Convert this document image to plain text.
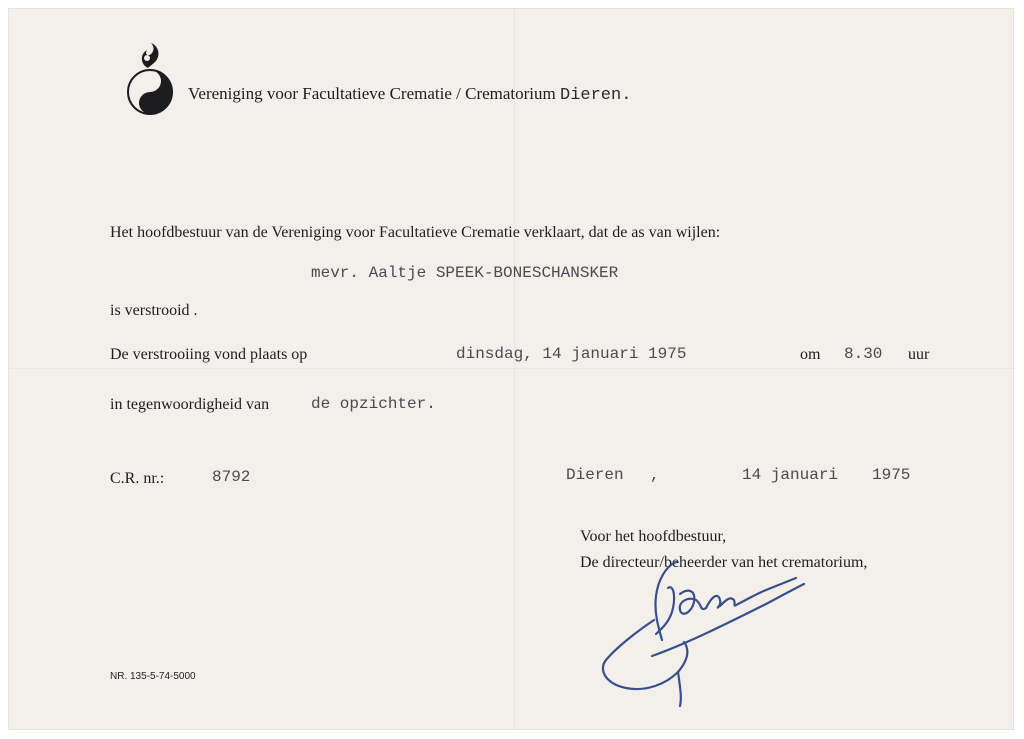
Vereniging voor Facultatieve Crematie / Crematorium Dieren.
Het hoofdbestuur van de Vereniging voor Facultatieve Crematie verklaart, dat de as van wijlen:
mevr. Aaltje SPEEK-BONESCHANSKER
is verstrooid .
De verstrooiing vond plaats op	dinsdag, 14 januari 1975	om 8.30 uur
in tegenwoordigheid van	de opzichter.
C.R. nr.:	8792	Dieren ,	14 januari 1975
Voor het hoofdbestuur,
De directeur/beheerder van het crematorium,
NR. 135-5-74-5000
